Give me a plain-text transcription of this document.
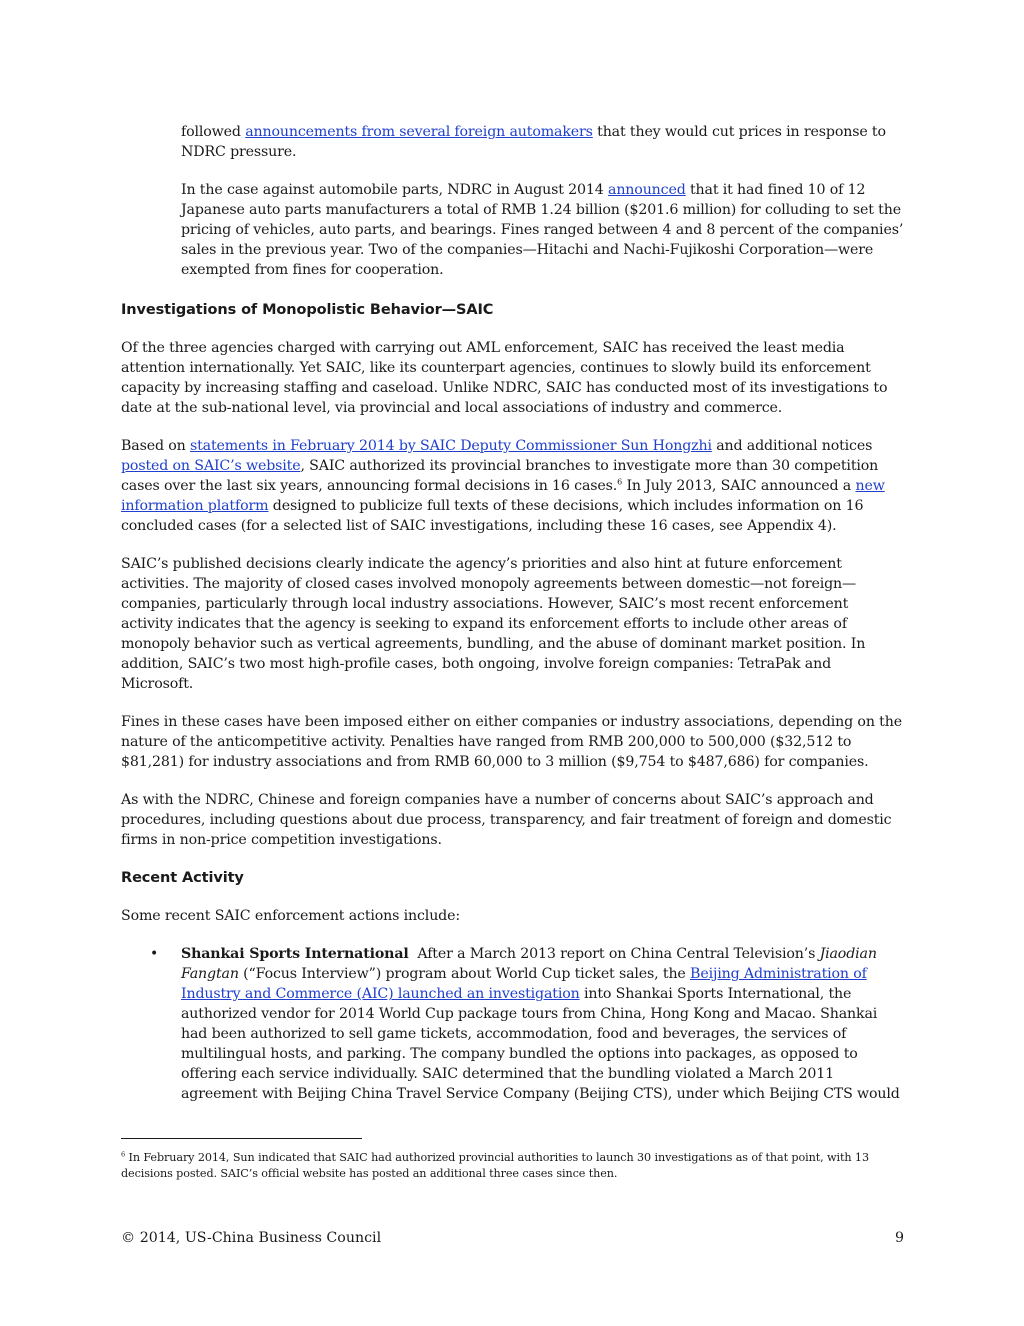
followed announcements from several foreign automakers that they would cut prices in response to NDRC pressure.

In the case against automobile parts, NDRC in August 2014 announced that it had fined 10 of 12 Japanese auto parts manufacturers a total of RMB 1.24 billion ($201.6 million) for colluding to set the pricing of vehicles, auto parts, and bearings. Fines ranged between 4 and 8 percent of the companies’ sales in the previous year. Two of the companies—Hitachi and Nachi-Fujikoshi Corporation—were exempted from fines for cooperation.

Investigations of Monopolistic Behavior—SAIC

Of the three agencies charged with carrying out AML enforcement, SAIC has received the least media attention internationally. Yet SAIC, like its counterpart agencies, continues to slowly build its enforcement capacity by increasing staffing and caseload. Unlike NDRC, SAIC has conducted most of its investigations to date at the sub-national level, via provincial and local associations of industry and commerce.

Based on statements in February 2014 by SAIC Deputy Commissioner Sun Hongzhi and additional notices posted on SAIC’s website, SAIC authorized its provincial branches to investigate more than 30 competition cases over the last six years, announcing formal decisions in 16 cases.$^6$ In July 2013, SAIC announced a new information platform designed to publicize full texts of these decisions, which includes information on 16 concluded cases (for a selected list of SAIC investigations, including these 16 cases, see Appendix 4).

SAIC’s published decisions clearly indicate the agency’s priorities and also hint at future enforcement activities. The majority of closed cases involved monopoly agreements between domestic—not foreign—companies, particularly through local industry associations. However, SAIC’s most recent enforcement activity indicates that the agency is seeking to expand its enforcement efforts to include other areas of monopoly behavior such as vertical agreements, bundling, and the abuse of dominant market position. In addition, SAIC’s two most high-profile cases, both ongoing, involve foreign companies: TetraPak and Microsoft.

Fines in these cases have been imposed either on either companies or industry associations, depending on the nature of the anticompetitive activity. Penalties have ranged from RMB 200,000 to 500,000 ($32,512 to $81,281) for industry associations and from RMB 60,000 to 3 million ($9,754 to $487,686) for companies.

As with the NDRC, Chinese and foreign companies have a number of concerns about SAIC’s approach and procedures, including questions about due process, transparency, and fair treatment of foreign and domestic firms in non-price competition investigations.

Recent Activity

Some recent SAIC enforcement actions include:

• Shankai Sports International  After a March 2013 report on China Central Television’s Jiaodian Fangtan (“Focus Interview”) program about World Cup ticket sales, the Beijing Administration of Industry and Commerce (AIC) launched an investigation into Shankai Sports International, the authorized vendor for 2014 World Cup package tours from China, Hong Kong and Macao. Shankai had been authorized to sell game tickets, accommodation, food and beverages, the services of multilingual hosts, and parking. The company bundled the options into packages, as opposed to offering each service individually. SAIC determined that the bundling violated a March 2011 agreement with Beijing China Travel Service Company (Beijing CTS), under which Beijing CTS would

$^6$ In February 2014, Sun indicated that SAIC had authorized provincial authorities to launch 30 investigations as of that point, with 13 decisions posted. SAIC’s official website has posted an additional three cases since then.

© 2014, US-China Business Council	9
